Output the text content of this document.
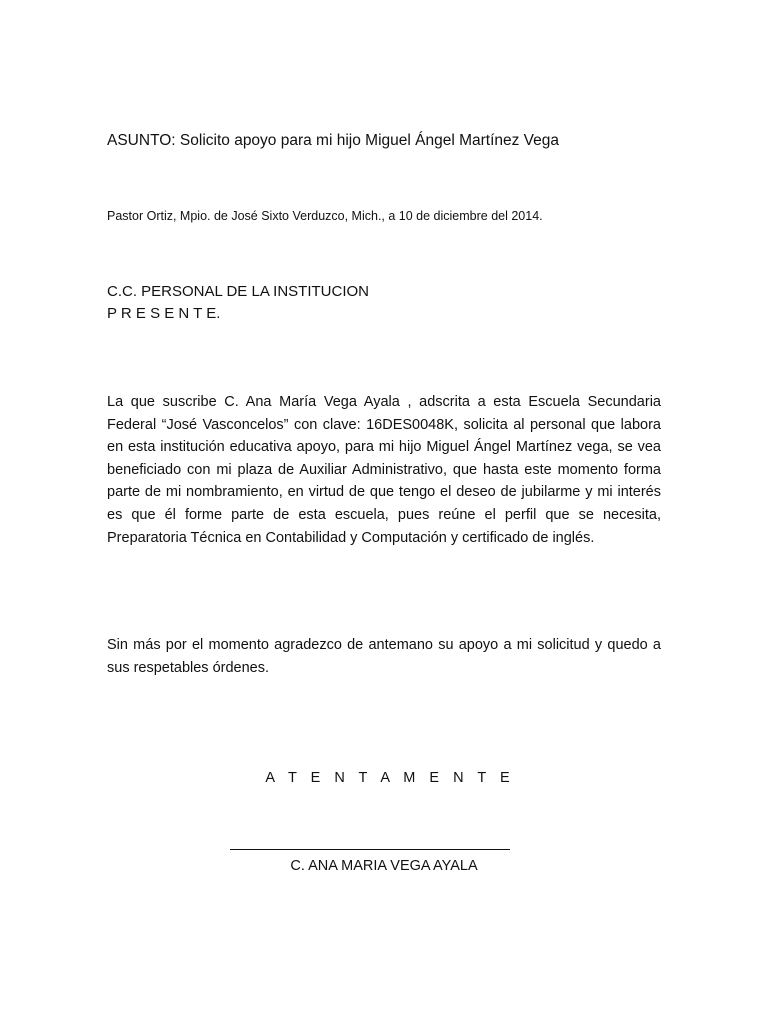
ASUNTO: Solicito apoyo para mi hijo Miguel Ángel Martínez Vega
Pastor Ortiz, Mpio. de José Sixto Verduzco, Mich., a 10 de diciembre del 2014.
C.C. PERSONAL DE LA INSTITUCION
P R E S E N T E.
La que suscribe C. Ana María Vega Ayala , adscrita a esta Escuela Secundaria Federal “José Vasconcelos” con clave: 16DES0048K, solicita al personal que labora en esta institución educativa apoyo, para mi hijo Miguel Ángel Martínez vega, se vea beneficiado con mi plaza de Auxiliar Administrativo, que hasta este momento forma parte de mi nombramiento, en virtud de que tengo el deseo de jubilarme y mi interés es que él forme parte de esta escuela, pues reúne el perfil que se necesita, Preparatoria Técnica en Contabilidad y Computación y certificado de inglés.
Sin más por el momento agradezco de antemano su apoyo a mi solicitud y quedo a sus respetables órdenes.
A T E N T A M E N T E
C. ANA MARIA VEGA AYALA
